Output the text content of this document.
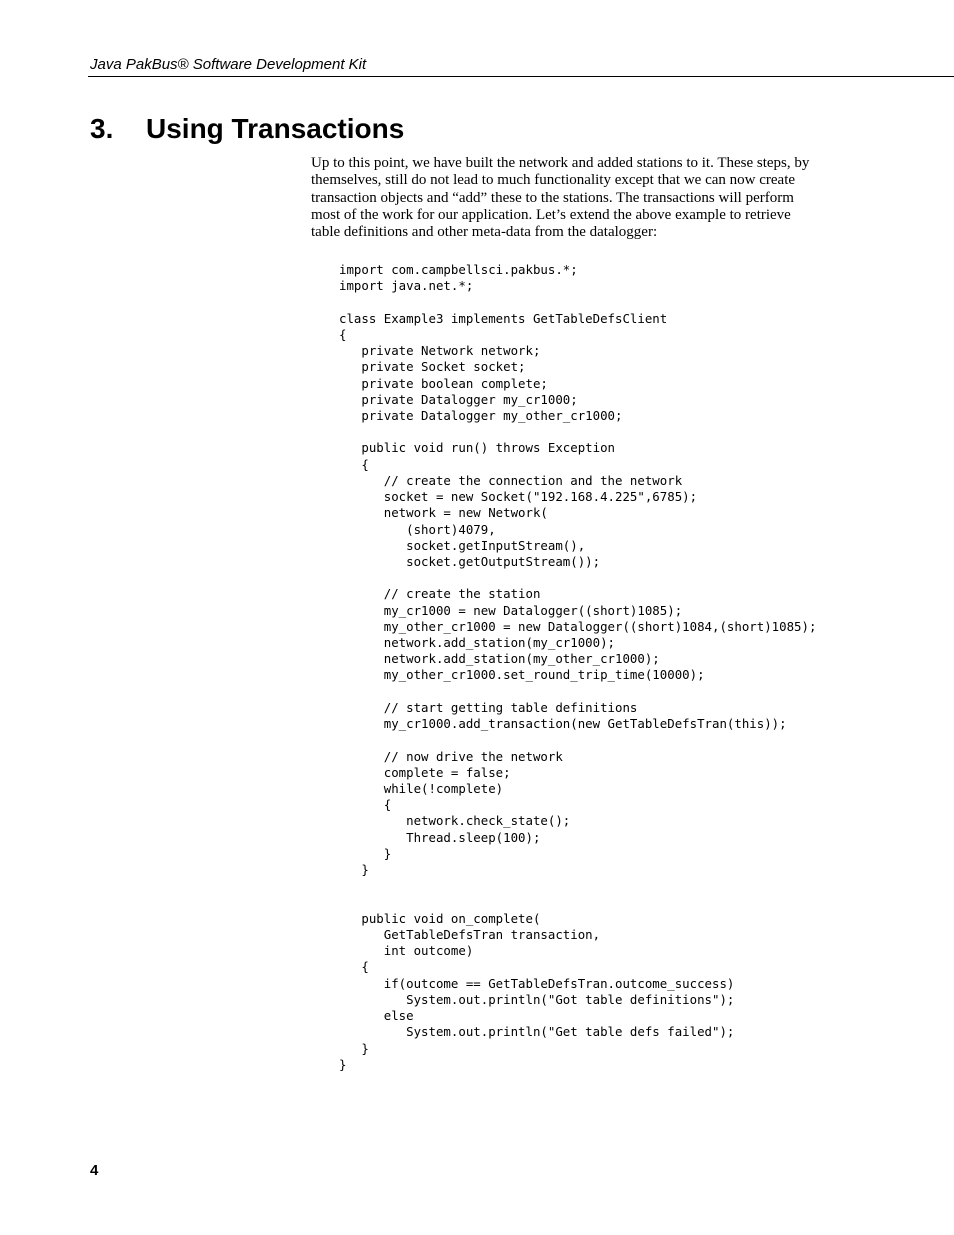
Java PakBus® Software Development Kit
3. Using Transactions

Up to this point, we have built the network and added stations to it. These steps, by themselves, still do not lead to much functionality except that we can now create transaction objects and “add” these to the stations. The transactions will perform most of the work for our application. Let’s extend the above example to retrieve table definitions and other meta-data from the datalogger:

import com.campbellsci.pakbus.*;
import java.net.*;
class Example3 implements GetTableDefsClient
{
private Network network;
private Socket socket;
private boolean complete;
private Datalogger my_cr1000;
private Datalogger my_other_cr1000;
public void run() throws Exception
{
// create the connection and the network
socket = new Socket("192.168.4.225",6785);
network = new Network(
(short)4079,
socket.getInputStream(),
socket.getOutputStream());
// create the station
my_cr1000 = new Datalogger((short)1085);
my_other_cr1000 = new Datalogger((short)1084,(short)1085);
network.add_station(my_cr1000);
network.add_station(my_other_cr1000);
my_other_cr1000.set_round_trip_time(10000);
// start getting table definitions
my_cr1000.add_transaction(new GetTableDefsTran(this));
// now drive the network
complete = false;
while(!complete)
{
network.check_state();
Thread.sleep(100);
}
}
public void on_complete(
GetTableDefsTran transaction,
int outcome)
{
if(outcome == GetTableDefsTran.outcome_success)
System.out.println("Got table definitions");
else
System.out.println("Get table defs failed");
}
}
4
